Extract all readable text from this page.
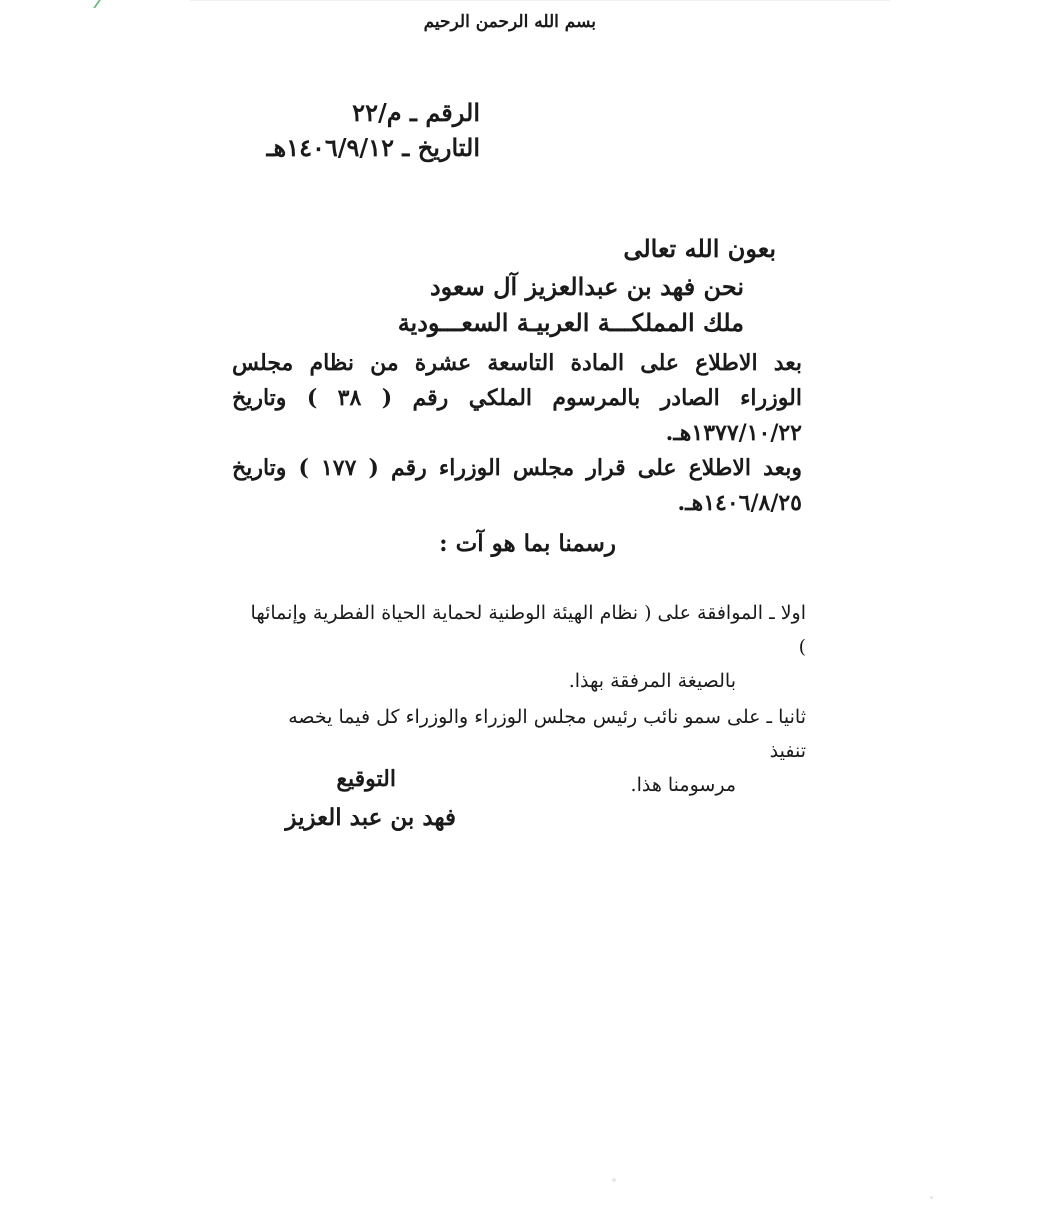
بسم الله الرحمن الرحيم
الرقم ـ م/٢٢
التاريخ ـ ١٤٠٦/٩/١٢هـ
بعون الله تعالى
نحن فهد بن عبدالعزيز آل سعود
ملك المملكـــة العربيـة السعـــودية

بعد الاطلاع على المادة التاسعة عشرة من نظام مجلس الوزراء الصادر بالمرسوم الملكي رقم ( ٣٨ ) وتاريخ ١٣٧٧/١٠/٢٢هـ.

وبعد الاطلاع على قرار مجلس الوزراء رقم ( ١٧٧ ) وتاريخ ١٤٠٦/٨/٢٥هـ.

رسمنا بما هو آت :
اولا ـ الموافقة على ( نظام الهيئة الوطنية لحماية الحياة الفطرية وإنمائها )
بالصيغة المرفقة بهذا.
ثانيا ـ على سمو نائب رئيس مجلس الوزراء والوزراء كل فيما يخصه تنفيذ
مرسومنا هذا.
التوقيع
فهد بن عبد العزيز
